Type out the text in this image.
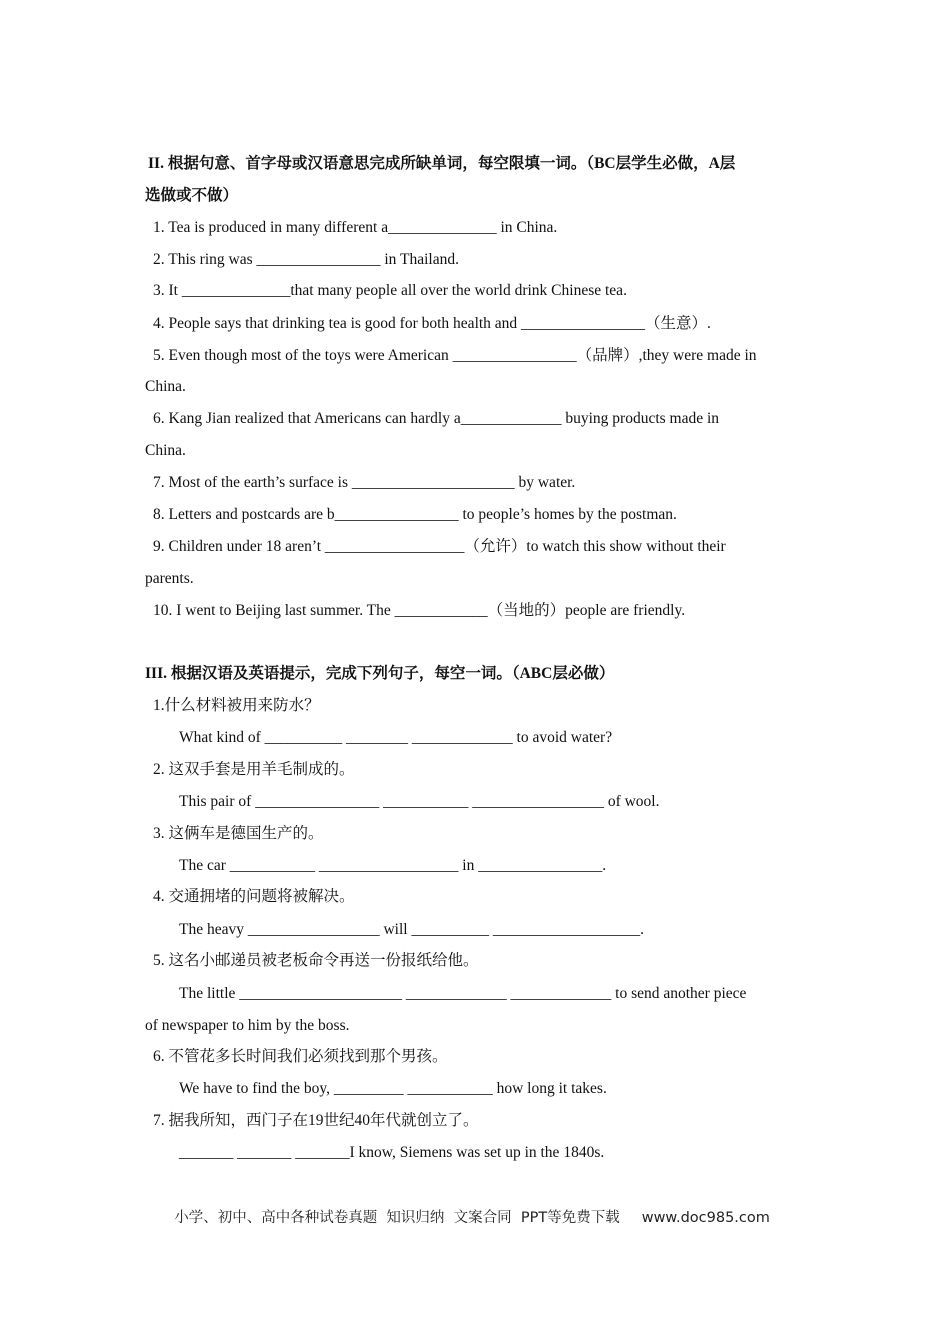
II. 根据句意、首字母或汉语意思完成所缺单词，每空限填一词。（BC层学生必做，A层
选做或不做）
1. Tea is produced in many different a______________ in China.
2. This ring was ________________ in Thailand.
3. It ______________that many people all over the world drink Chinese tea.
4. People says that drinking tea is good for both health and ________________（生意）.
5. Even though most of the toys were American ________________（品牌）,they were made in
China.
6. Kang Jian realized that Americans can hardly a_____________ buying products made in
China.
7. Most of the earth’s surface is _____________________ by water.
8. Letters and postcards are b________________ to people’s homes by the postman.
9. Children under 18 aren’t __________________（允许）to watch this show without their
parents.
10. I went to Beijing last summer. The ____________（当地的）people are friendly.
III. 根据汉语及英语提示，完成下列句子，每空一词。（ABC层必做）
1.什么材料被用来防水？
What kind of __________ ________ _____________ to avoid water?
2. 这双手套是用羊毛制成的。
This pair of ________________ ___________ _________________ of wool.
3. 这俩车是德国生产的。
The car ___________ __________________ in ________________.
4. 交通拥堵的问题将被解决。
The heavy _________________ will __________ ___________________.
5. 这名小邮递员被老板命令再送一份报纸给他。
The little _____________________ _____________ _____________ to send another piece
of newspaper to him by the boss.
6. 不管花多长时间我们必须找到那个男孩。
We have to find the boy, _________ ___________ how long it takes.
7. 据我所知，西门子在19世纪40年代就创立了。
_______ _______ _______I know, Siemens was set up in the 1840s.

小学、初中、高中各种试卷真题  知识归纳  文案合同  PPT等免费下载 www.doc985.com
